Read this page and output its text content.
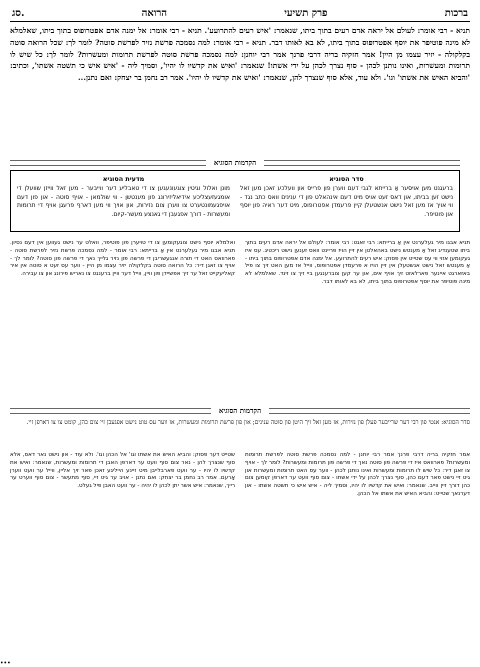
סג.	הרואה	פרק תשיעי	ברכות
תניא - רבי אומר: לעולם אל יראה אדם רעים בתוך ביתו, שנאמר: 'איש רעים להתרועע'. תניא - רבי אומר: אל ימנה אדם אפטרופוס בתוך ביתו, שאלמלא לא מינה פוטיפר את יוסף אפטרופוס בתוך ביתו, לא בא לאותו דבר. תניא - רבי אומר: למה נסמכה פרשת נזיר לפרשת סוטה? לומר לך: שכל הרואה סוטה בקלקולה - יזיר עצמו מן היין! אמר חזקיה בריה דרבי פרנך אמר רבי יוחנן: למה נסמכה פרשת סוטה לפרשת תרומות ומעשרות? לומר לך: כל שיש לו תרומות ומעשרות, ואינו נותנן לכהן - סוף נצרך לכהן על ידי אשתו! שנאמר: 'ואיש את קדשיו לו יהיו', וסמיך ליה - 'איש איש כי תשטה אשתו', וכתיב: 'והביא האיש את אשתו' וגו'. ולא עוד, אלא סוף שנצרך להן, שנאמר: 'ואיש את קדשיו לו יהיו'. אמר רב נחמן בר יצחק: ואם נתנן...
הקדמות הסוגיא
סדר הסוגיא
ברעגנט מען אויסער אַ ברייתא לגבי דעם ווערן פון פרייס און וועלכע זאכן מען זאל נישט זען בביתו, און דאס זעט אויס מיט דעם אינהאלט פון די ענינים וואס כתב נגד - ווי אויך אז מען זאל נישט אנשטעלן קיין פרעמדן אפטרופוס, מיט דער ראיה פון יוסף און פוטיפר.
מדעית הסוגיא
מונן ואלול וגיטין צוגעונעגען צו די טאבליע דער ווייבער - מען זאל ווייזן שוועלן די אומגעזעצליכע אידיאליזירונג פון מענטשן - ווי שולמאן - אויף סוטה - און פון דעם אויפגעמונטערט צו ווערן צום נזירות, און אויך ווי מען דארף פרעגן אויף די תרומות ומעשרות - דורך אפגעבן די גאנצע מעשר-קיום.
תניא אבגו מיר געלערנט אין אַ ברייתא: רבי זאגט: רבי אומר: לעולם אל יראה אדם רעים בתוך ביתו שטענדיג זאל אַ מענטש נישט באהאלטן אין זיין הויז פריינט וואס זענען נישט ריכטיג. עס איז געקומען אזוי ווי עס שטייט אין פסוק: איש רעים להתרועע. אל ימנה אדם אפטרופוס בתוך ביתו - אַ מענטש זאל נישט אנשטעלן אין זיין הויז א פרעמדן אפטרופוס, ווייל אז מען האט זיך צו פיל באזארגט איינער פארלאזט זיך אויף אים, און ער קען צוברענגען ביי זיך צו זינד. שאלמלא לא מינה פוטיפר את יוסף אפטרופוס בתוך ביתו, לא בא לאותו דבר.
ואלמלא יוסף נישט צוגעקומען צו די טויערן פון פוטיפר, וואלט ער נישט געווען אין דעם נסיון. תניא אבגו מיר געלערנט אין אַ ברייתא: רבי אומר - למה נסמכה פרשת נזיר לפרשת סוטה - פארוואס האט די תורה אנגעשריבן די פרשה פון נזיר גלייך נאך די פרשה פון סוטה? לומר לך - אויף צו זאגן דיר: כל הרואה סוטה בקלקולה יזיר עצמו מן היין - ווער עס זעט א סוטה אין איר קאליעקייט זאל ער זיך אפשיידן פון וויין, ווייל דער וויין ברענגט צו נאריש פירונג און צו עבירה.
הקדמות הסוגיא
סדר הסוגיא: אנטי פון רבי דער שרייבער פעלן פון נזירות, אז מען זאל זיך היטן פון סוטה ענינים; און פון פרשת תרומות ומעשרות, אז ווער עס טוט נישט אפגעבן זיי צום כהן, קומט צו צו דארפן זיי.
אמר חזקיה בריה דרבי פרנך אמר רבי יוחנן - למה נסמכה פרשת סוטה לפרשת תרומות ומעשרות? פארוואס איז די פרשה פון סוטה נאך די פרשה פון תרומות ומעשרות? לומר לך - אויף צו זאגן דיר: כל שיש לו תרומות ומעשרות ואינו נותנן לכהן - ווער עס האט תרומות ומעשרות און גיט זיי נישט פאר דעם כהן, סוף נצרך לכהן על ידי אשתו - צום סוף וועט ער דארפן קומען צום כהן דורך זיין ווייב. שנאמר: ואיש את קדשיו לו יהיו, וסמיך ליה - איש איש כי תשטה אשתו - און דערנאך שטייט: והביא האיש את אשתו אל הכהן.
שטייט דער פסוק: והביא האיש את אשתו וגו' אל הכהן וגו'. ולא עוד - און נישט נאר דאס, אלא סוף שנצרך להן - נאר צום סוף וועט ער דארפן האבן די תרומות ומעשרות, שנאמר: ואיש את קדשיו לו יהיו - ער וועט פארבלייבן מיט זיינע הייליגע זאכן פאר זיך אליין, ווייל ער וועט ווערן אָרעם. אמר רב נחמן בר יצחק: ואם נתנן - אויב ער גיט זיי, סוף מתעשר - צום סוף ווערט ער רייך, שנאמר: איש אשר יתן לכהן לו יהיה - ער וועט האבן פיל געלט.
•••
